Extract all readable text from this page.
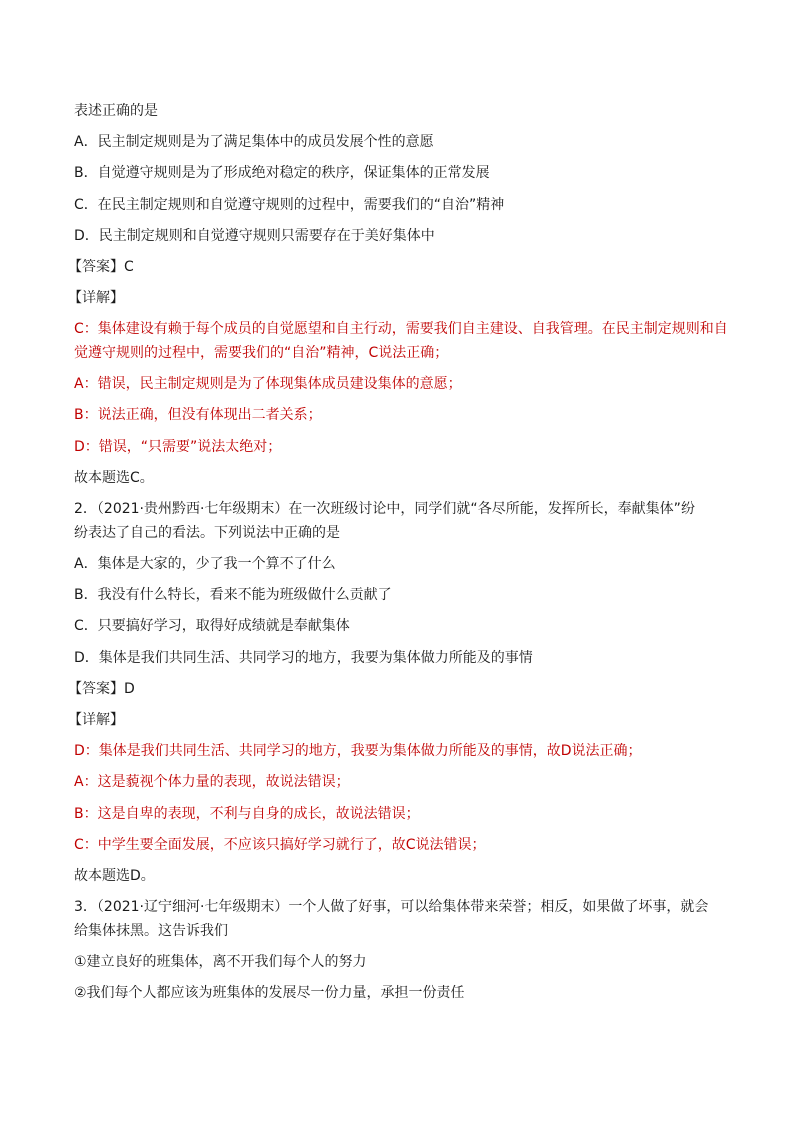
表述正确的是
A．民主制定规则是为了满足集体中的成员发展个性的意愿
B．自觉遵守规则是为了形成绝对稳定的秩序，保证集体的正常发展
C．在民主制定规则和自觉遵守规则的过程中，需要我们的“自治”精神
D．民主制定规则和自觉遵守规则只需要存在于美好集体中
【答案】C
【详解】
C：集体建设有赖于每个成员的自觉愿望和自主行动，需要我们自主建设、自我管理。在民主制定规则和自
觉遵守规则的过程中，需要我们的“自治”精神，C说法正确；
A：错误，民主制定规则是为了体现集体成员建设集体的意愿；
B：说法正确，但没有体现出二者关系；
D：错误，“只需要”说法太绝对；
故本题选C。
2．（2021·贵州黔西·七年级期末）在一次班级讨论中，同学们就“各尽所能，发挥所长，奉献集体”纷
纷表达了自己的看法。下列说法中正确的是
A．集体是大家的，少了我一个算不了什么
B．我没有什么特长，看来不能为班级做什么贡献了
C．只要搞好学习，取得好成绩就是奉献集体
D．集体是我们共同生活、共同学习的地方，我要为集体做力所能及的事情
【答案】D
【详解】
D：集体是我们共同生活、共同学习的地方，我要为集体做力所能及的事情，故D说法正确；
A：这是藐视个体力量的表现，故说法错误；
B：这是自卑的表现，不利与自身的成长，故说法错误；
C：中学生要全面发展，不应该只搞好学习就行了，故C说法错误；
故本题选D。
3．（2021·辽宁细河·七年级期末）一个人做了好事，可以给集体带来荣誉；相反，如果做了坏事，就会
给集体抹黑。这告诉我们
①建立良好的班集体，离不开我们每个人的努力
②我们每个人都应该为班集体的发展尽一份力量，承担一份责任
